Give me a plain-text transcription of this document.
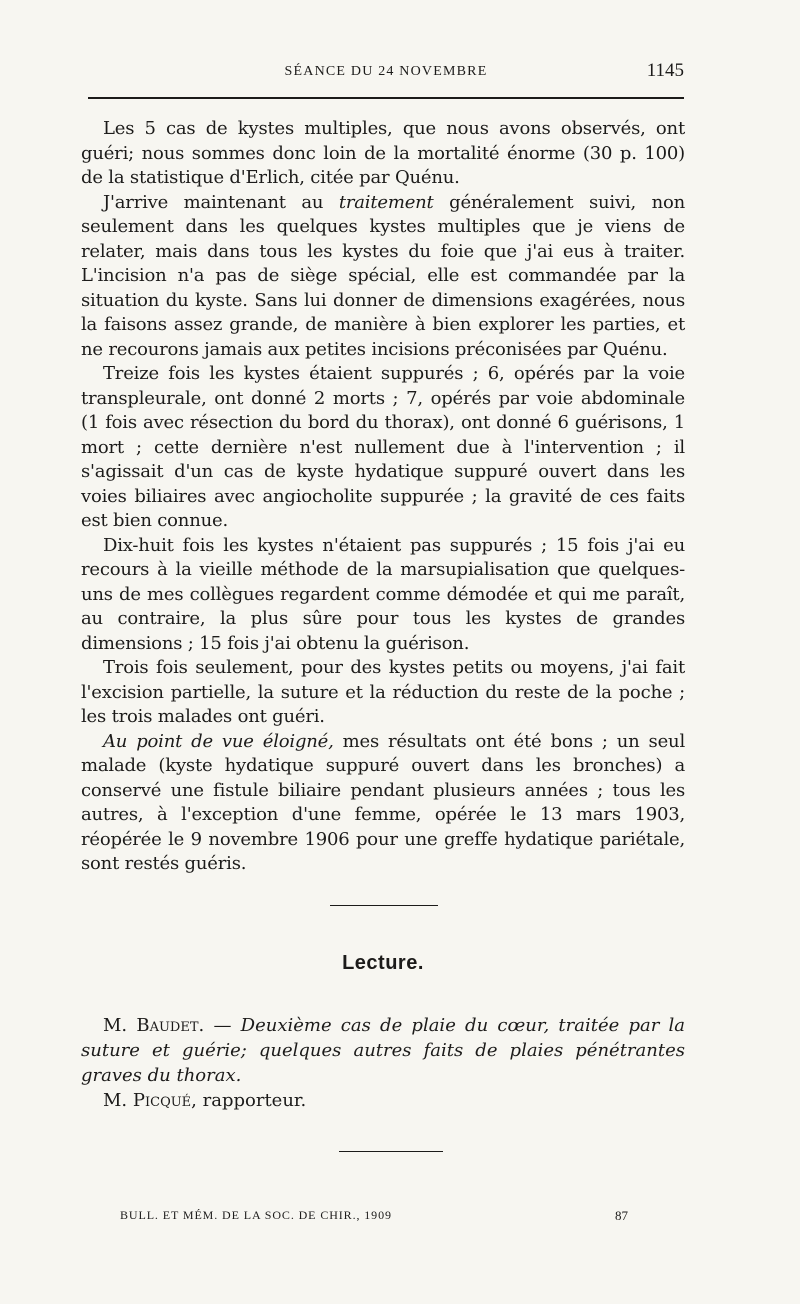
SÉANCE DU 24 NOVEMBRE	1145

Les 5 cas de kystes multiples, que nous avons observés, ont guéri; nous sommes donc loin de la mortalité énorme (30 p. 100) de la statistique d'Erlich, citée par Quénu.

J'arrive maintenant au traitement généralement suivi, non seulement dans les quelques kystes multiples que je viens de relater, mais dans tous les kystes du foie que j'ai eus à traiter. L'incision n'a pas de siège spécial, elle est commandée par la situation du kyste. Sans lui donner de dimensions exagérées, nous la faisons assez grande, de manière à bien explorer les parties, et ne recourons jamais aux petites incisions préconisées par Quénu.

Treize fois les kystes étaient suppurés ; 6, opérés par la voie transpleurale, ont donné 2 morts ; 7, opérés par voie abdominale (1 fois avec résection du bord du thorax), ont donné 6 guérisons, 1 mort ; cette dernière n'est nullement due à l'intervention ; il s'agissait d'un cas de kyste hydatique suppuré ouvert dans les voies biliaires avec angiocholite suppurée ; la gravité de ces faits est bien connue.

Dix-huit fois les kystes n'étaient pas suppurés ; 15 fois j'ai eu recours à la vieille méthode de la marsupialisation que quelques-uns de mes collègues regardent comme démodée et qui me paraît, au contraire, la plus sûre pour tous les kystes de grandes dimensions ; 15 fois j'ai obtenu la guérison.

Trois fois seulement, pour des kystes petits ou moyens, j'ai fait l'excision partielle, la suture et la réduction du reste de la poche ; les trois malades ont guéri.

Au point de vue éloigné, mes résultats ont été bons ; un seul malade (kyste hydatique suppuré ouvert dans les bronches) a conservé une fistule biliaire pendant plusieurs années ; tous les autres, à l'exception d'une femme, opérée le 13 mars 1903, réopérée le 9 novembre 1906 pour une greffe hydatique pariétale, sont restés guéris.

Lecture.

M. Baudet. — Deuxième cas de plaie du cœur, traitée par la suture et guérie; quelques autres faits de plaies pénétrantes graves du thorax.

M. Picqué, rapporteur.

BULL. ET MÉM. DE LA SOC. DE CHIR., 1909	87
